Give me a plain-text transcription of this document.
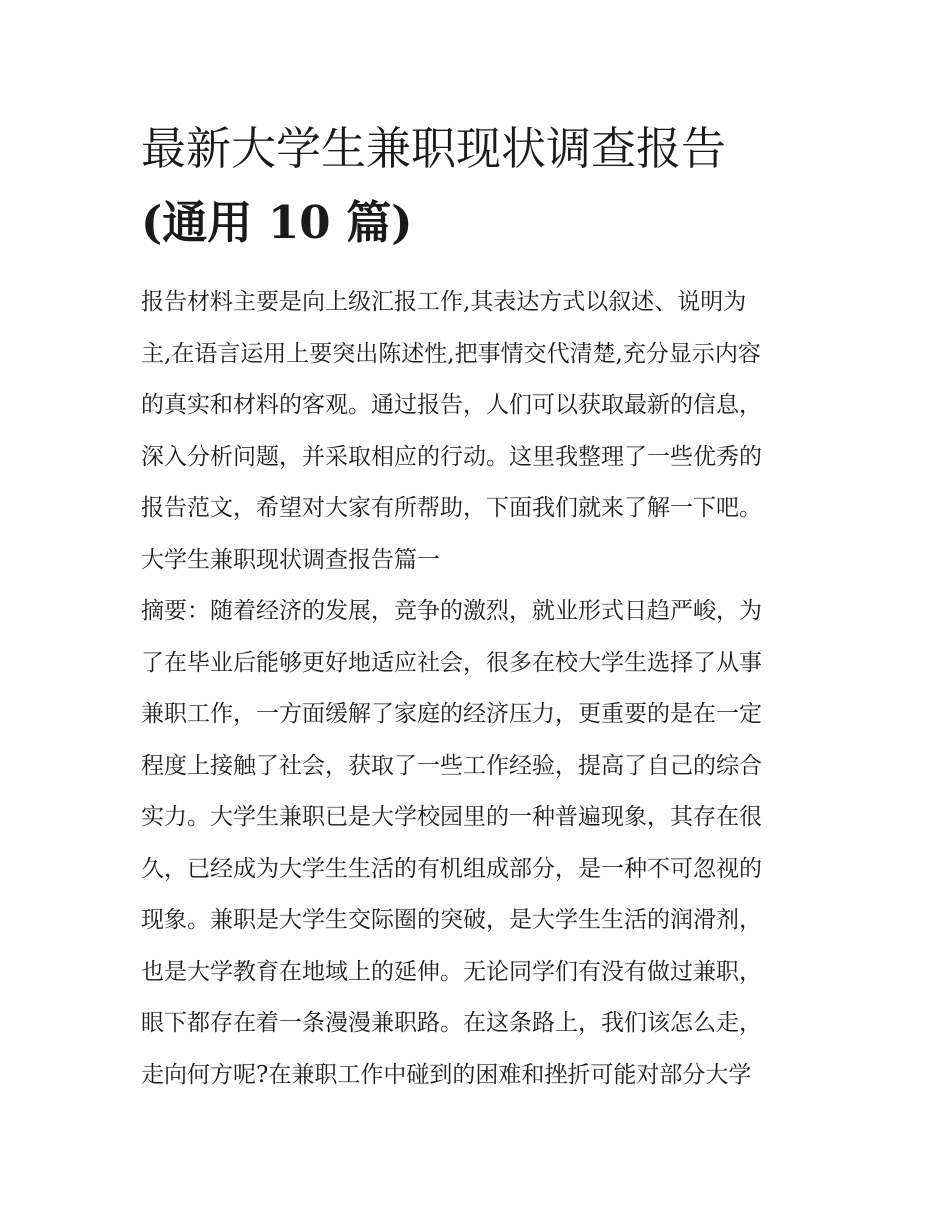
最新大学生兼职现状调查报告
(通用 10 篇)
报告材料主要是向上级汇报工作,其表达方式以叙述、说明为
主,在语言运用上要突出陈述性,把事情交代清楚,充分显示内容
的真实和材料的客观。通过报告，人们可以获取最新的信息，
深入分析问题，并采取相应的行动。这里我整理了一些优秀的
报告范文，希望对大家有所帮助，下面我们就来了解一下吧。
大学生兼职现状调查报告篇一
摘要：随着经济的发展，竞争的激烈，就业形式日趋严峻，为
了在毕业后能够更好地适应社会，很多在校大学生选择了从事
兼职工作，一方面缓解了家庭的经济压力，更重要的是在一定
程度上接触了社会，获取了一些工作经验，提高了自己的综合
实力。大学生兼职已是大学校园里的一种普遍现象，其存在很
久，已经成为大学生生活的有机组成部分，是一种不可忽视的
现象。兼职是大学生交际圈的突破，是大学生生活的润滑剂，
也是大学教育在地域上的延伸。无论同学们有没有做过兼职，
眼下都存在着一条漫漫兼职路。在这条路上，我们该怎么走，
走向何方呢?在兼职工作中碰到的困难和挫折可能对部分大学
